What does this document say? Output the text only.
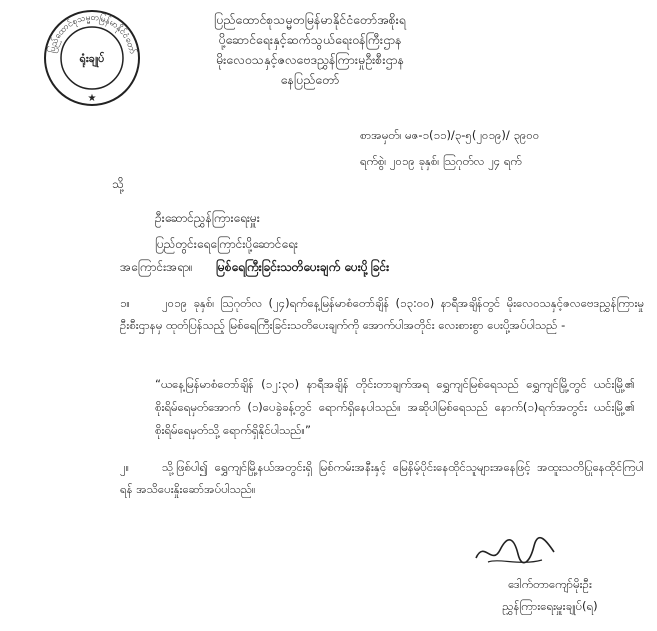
ပြည်ထောင်စုသမ္မတမြန်မာနိုင်ငံတော်
ရုံးချုပ်
★
ပြည်ထောင်စုသမ္မတမြန်မာနိုင်ငံတော်အစိုးရ
ပို့ဆောင်ရေးနှင့်ဆက်သွယ်ရေးဝန်ကြီးဌာန
မိုးလေဝသနှင့်ဇလဗေဒညွှန်ကြားမှုဦးစီးဌာန
နေပြည်တော်
စာအမှတ်၊ မဇ-၁(၁၁)/၃-၅(၂၀၁၉)/ ၃၉၀၀
ရက်စွဲ၊ ၂၀၁၉ ခုနှစ်၊ ဩဂုတ်လ ၂၄ ရက်
သို့
ဦးဆောင်ညွှန်ကြားရေးမှူး
ပြည်တွင်းရေကြောင်းပို့ဆောင်ရေး
အကြောင်းအရာ။ မြစ်ရေကြီးခြင်းသတိပေးချက် ပေးပို့ခြင်း
၁။	၂၀၁၉ ခုနှစ်၊ ဩဂုတ်လ (၂၄)ရက်နေ့မြန်မာစံတော်ချိန် (၁၃:၀၀) နာရီအချိန်တွင် မိုးလေဝသနှင့်ဇလဗေဒညွှန်ကြားမှုဦးစီးဌာနမှ ထုတ်ပြန်သည့် မြစ်ရေကြီးခြင်းသတိပေးချက်ကို အောက်ပါအတိုင်း လေးစားစွာ ပေးပို့အပ်ပါသည် -
“ယနေ့မြန်မာစံတော်ချိန် (၁၂:၃၀) နာရီအချိန် တိုင်းတာချက်အရ ရွှေကျင်မြစ်ရေသည် ရွှေကျင်မြို့တွင် ယင်းမြို့၏ စိုးရိမ်ရေမှတ်အောက် (၁)ပေခွဲခန့်တွင် ရောက်ရှိနေပါသည်။ အဆိုပါမြစ်ရေသည် နောက်(၁)ရက်အတွင်း ယင်းမြို့၏ စိုးရိမ်ရေမှတ်သို့ ရောက်ရှိနိုင်ပါသည်။”
၂။	သို့ဖြစ်ပါ၍ ရွှေကျင်မြို့နယ်အတွင်းရှိ မြစ်ကမ်းအနီးနှင့် မြေနိမ့်ပိုင်းနေထိုင်သူများအနေဖြင့် အထူးသတိပြုနေထိုင်ကြပါရန် အသိပေးနှိုးဆော်အပ်ပါသည်။
ဒေါက်တာကျော်မိုးဦး
ညွှန်ကြားရေးမှူးချုပ်(ရ)
